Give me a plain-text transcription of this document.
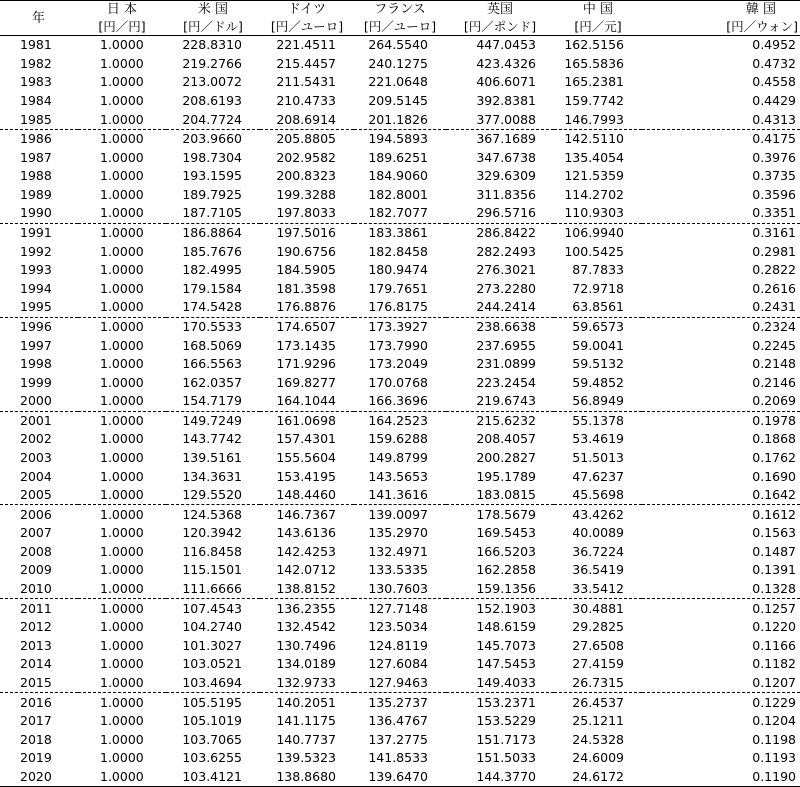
年	日 本	米 国	ドイツ	フランス	英国	中 国	韓 国
	[円／円]	[円／ドル]	[円／ユーロ]	[円／ユーロ]	[円／ポンド]	[円／元]	[円／ウォン]
1981	1.0000	228.8310	221.4511	264.5540	447.0453	162.5156	0.4952
1982	1.0000	219.2766	215.4457	240.1275	423.4326	165.5836	0.4732
1983	1.0000	213.0072	211.5431	221.0648	406.6071	165.2381	0.4558
1984	1.0000	208.6193	210.4733	209.5145	392.8381	159.7742	0.4429
1985	1.0000	204.7724	208.6914	201.1826	377.0088	146.7993	0.4313
1986	1.0000	203.9660	205.8805	194.5893	367.1689	142.5110	0.4175
1987	1.0000	198.7304	202.9582	189.6251	347.6738	135.4054	0.3976
1988	1.0000	193.1595	200.8323	184.9060	329.6309	121.5359	0.3735
1989	1.0000	189.7925	199.3288	182.8001	311.8356	114.2702	0.3596
1990	1.0000	187.7105	197.8033	182.7077	296.5716	110.9303	0.3351
1991	1.0000	186.8864	197.5016	183.3861	286.8422	106.9940	0.3161
1992	1.0000	185.7676	190.6756	182.8458	282.2493	100.5425	0.2981
1993	1.0000	182.4995	184.5905	180.9474	276.3021	87.7833	0.2822
1994	1.0000	179.1584	181.3598	179.7651	273.2280	72.9718	0.2616
1995	1.0000	174.5428	176.8876	176.8175	244.2414	63.8561	0.2431
1996	1.0000	170.5533	174.6507	173.3927	238.6638	59.6573	0.2324
1997	1.0000	168.5069	173.1435	173.7990	237.6955	59.0041	0.2245
1998	1.0000	166.5563	171.9296	173.2049	231.0899	59.5132	0.2148
1999	1.0000	162.0357	169.8277	170.0768	223.2454	59.4852	0.2146
2000	1.0000	154.7179	164.1044	166.3696	219.6743	56.8949	0.2069
2001	1.0000	149.7249	161.0698	164.2523	215.6232	55.1378	0.1978
2002	1.0000	143.7742	157.4301	159.6288	208.4057	53.4619	0.1868
2003	1.0000	139.5161	155.5604	149.8799	200.2827	51.5013	0.1762
2004	1.0000	134.3631	153.4195	143.5653	195.1789	47.6237	0.1690
2005	1.0000	129.5520	148.4460	141.3616	183.0815	45.5698	0.1642
2006	1.0000	124.5368	146.7367	139.0097	178.5679	43.4262	0.1612
2007	1.0000	120.3942	143.6136	135.2970	169.5453	40.0089	0.1563
2008	1.0000	116.8458	142.4253	132.4971	166.5203	36.7224	0.1487
2009	1.0000	115.1501	142.0712	133.5335	162.2858	36.5419	0.1391
2010	1.0000	111.6666	138.8152	130.7603	159.1356	33.5412	0.1328
2011	1.0000	107.4543	136.2355	127.7148	152.1903	30.4881	0.1257
2012	1.0000	104.2740	132.4542	123.5034	148.6159	29.2825	0.1220
2013	1.0000	101.3027	130.7496	124.8119	145.7073	27.6508	0.1166
2014	1.0000	103.0521	134.0189	127.6084	147.5453	27.4159	0.1182
2015	1.0000	103.4694	132.9733	127.9463	149.4033	26.7315	0.1207
2016	1.0000	105.5195	140.2051	135.2737	153.2371	26.4537	0.1229
2017	1.0000	105.1019	141.1175	136.4767	153.5229	25.1211	0.1204
2018	1.0000	103.7065	140.7737	137.2775	151.7173	24.5328	0.1198
2019	1.0000	103.6255	139.5323	141.8533	151.5033	24.6009	0.1193
2020	1.0000	103.4121	138.8680	139.6470	144.3770	24.6172	0.1190
